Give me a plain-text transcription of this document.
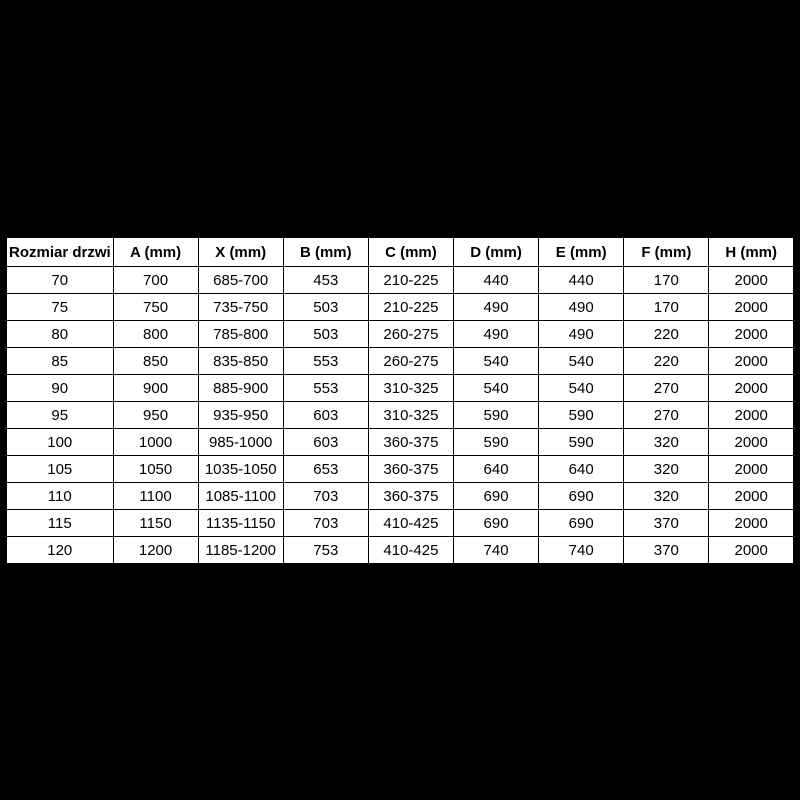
Rozmiar drzwi	A (mm)	X (mm)	B (mm)	C (mm)	D (mm)	E (mm)	F (mm)	H (mm)
70	700	685-700	453	210-225	440	440	170	2000
75	750	735-750	503	210-225	490	490	170	2000
80	800	785-800	503	260-275	490	490	220	2000
85	850	835-850	553	260-275	540	540	220	2000
90	900	885-900	553	310-325	540	540	270	2000
95	950	935-950	603	310-325	590	590	270	2000
100	1000	985-1000	603	360-375	590	590	320	2000
105	1050	1035-1050	653	360-375	640	640	320	2000
110	1100	1085-1100	703	360-375	690	690	320	2000
115	1150	1135-1150	703	410-425	690	690	370	2000
120	1200	1185-1200	753	410-425	740	740	370	2000
